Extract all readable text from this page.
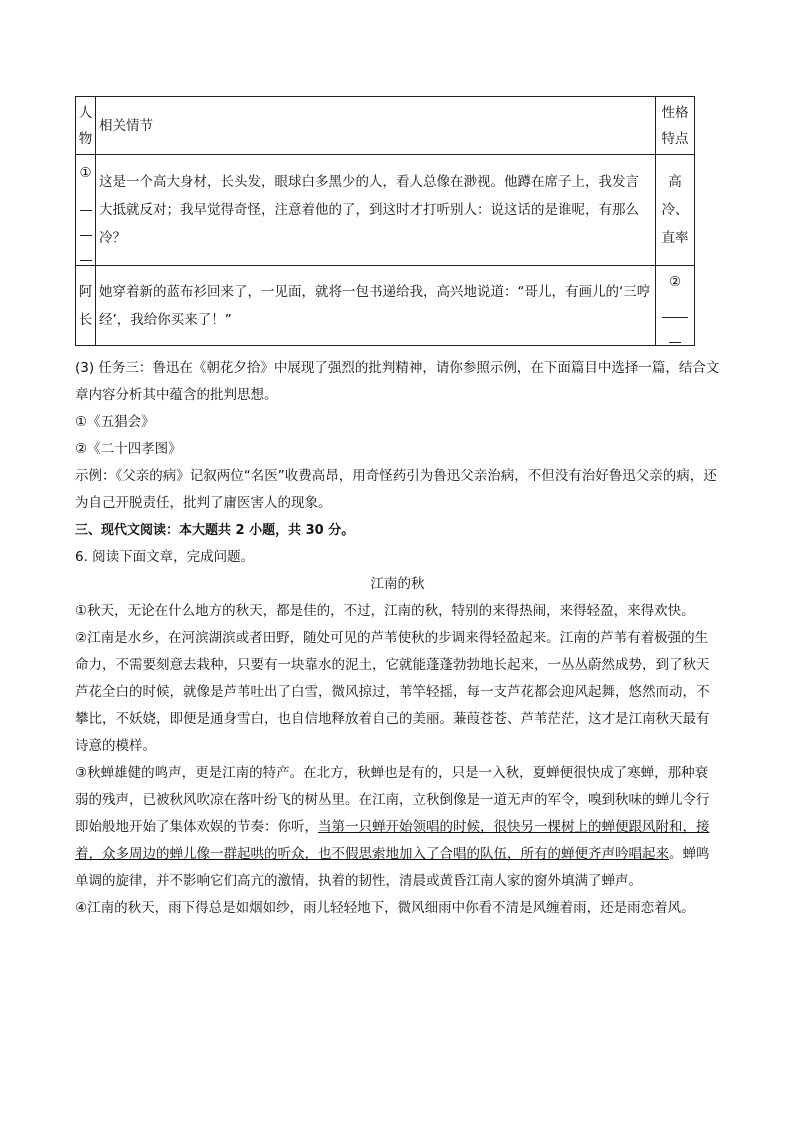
人物	相关情节	性格特点

①	这是一个高大身材，长头发，眼球白多黑少的人，看人总像在渺视。他蹲在席子上，我发言大抵就反对；我早觉得奇怪，注意着他的了，到这时才打听别人：说这话的是谁呢，有那么冷？	高冷、直率

阿长	她穿着新的蓝布衫回来了，一见面，就将一包书递给我，高兴地说道：“哥儿，有画儿的‘三哼经’，我给你买来了！”	②

(3) 任务三：鲁迅在《朝花夕拾》中展现了强烈的批判精神，请你参照示例，在下面篇目中选择一篇，结合文章内容分析其中蕴含的批判思想。

①《五猖会》

②《二十四孝图》

示例：《父亲的病》记叙两位“名医”收费高昂，用奇怪药引为鲁迅父亲治病，不但没有治好鲁迅父亲的病，还为自己开脱责任，批判了庸医害人的现象。

三、现代文阅读：本大题共 2 小题，共 30 分。

6. 阅读下面文章，完成问题。

江南的秋

①秋天，无论在什么地方的秋天，都是佳的，不过，江南的秋，特别的来得热闹，来得轻盈，来得欢快。

②江南是水乡，在河滨湖滨或者田野，随处可见的芦苇使秋的步调来得轻盈起来。江南的芦苇有着极强的生命力，不需要刻意去栽种，只要有一块靠水的泥土，它就能蓬蓬勃勃地长起来，一丛丛蔚然成势，到了秋天芦花全白的时候，就像是芦苇吐出了白雪，微风掠过，苇竿轻摇，每一支芦花都会迎风起舞，悠然而动，不攀比，不妖娆，即便是通身雪白，也自信地释放着自己的美丽。蒹葭苍苍、芦苇茫茫，这才是江南秋天最有诗意的模样。

③秋蝉雄健的鸣声，更是江南的特产。在北方，秋蝉也是有的，只是一入秋，夏蝉便很快成了寒蝉，那种衰弱的残声，已被秋风吹凉在落叶纷飞的树丛里。在江南，立秋倒像是一道无声的军令，嗅到秋味的蝉儿令行即始般地开始了集体欢娱的节奏：你听，当第一只蝉开始领唱的时候，很快另一棵树上的蝉便跟风附和，接着，众多周边的蝉儿像一群起哄的听众，也不假思索地加入了合唱的队伍，所有的蝉便齐声吟唱起来。蝉鸣单调的旋律，并不影响它们高亢的激情，执着的韧性，清晨或黄昏江南人家的窗外填满了蝉声。

④江南的秋天，雨下得总是如烟如纱，雨儿轻轻地下，微风细雨中你看不清是风缠着雨，还是雨恋着风。
